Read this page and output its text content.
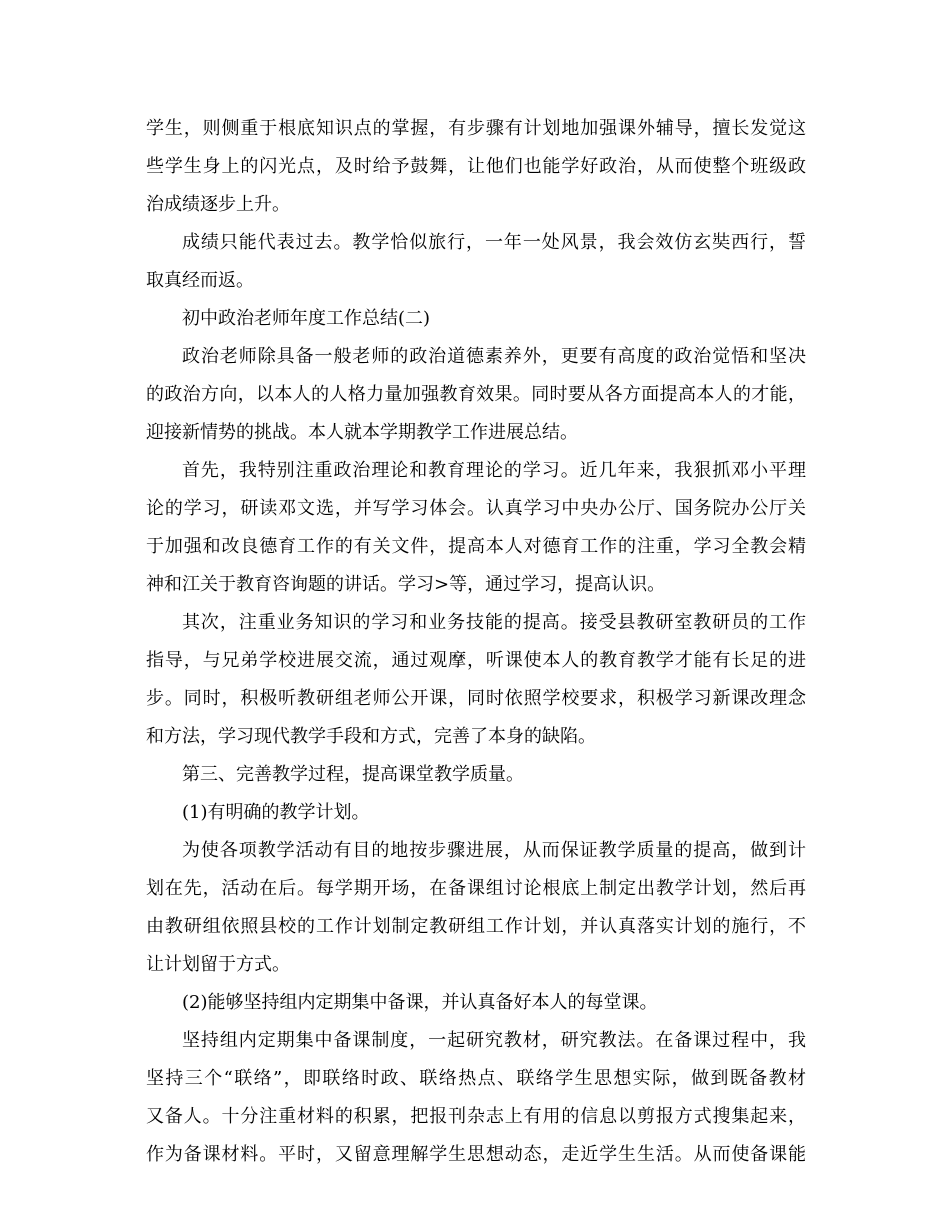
学生，则侧重于根底知识点的掌握，有步骤有计划地加强课外辅导，擅长发觉这
些学生身上的闪光点，及时给予鼓舞，让他们也能学好政治，从而使整个班级政
治成绩逐步上升。
成绩只能代表过去。教学恰似旅行，一年一处风景，我会效仿玄奘西行，誓
取真经而返。
初中政治老师年度工作总结(二)
政治老师除具备一般老师的政治道德素养外，更要有高度的政治觉悟和坚决
的政治方向，以本人的人格力量加强教育效果。同时要从各方面提高本人的才能，
迎接新情势的挑战。本人就本学期教学工作进展总结。
首先，我特别注重政治理论和教育理论的学习。近几年来，我狠抓邓小平理
论的学习，研读邓文选，并写学习体会。认真学习中央办公厅、国务院办公厅关
于加强和改良德育工作的有关文件，提高本人对德育工作的注重，学习全教会精
神和江关于教育咨询题的讲话。学习>等，通过学习，提高认识。
其次，注重业务知识的学习和业务技能的提高。接受县教研室教研员的工作
指导，与兄弟学校进展交流，通过观摩，听课使本人的教育教学才能有长足的进
步。同时，积极听教研组老师公开课，同时依照学校要求，积极学习新课改理念
和方法，学习现代教学手段和方式，完善了本身的缺陷。
第三、完善教学过程，提高课堂教学质量。
(1)有明确的教学计划。
为使各项教学活动有目的地按步骤进展，从而保证教学质量的提高，做到计
划在先，活动在后。每学期开场，在备课组讨论根底上制定出教学计划，然后再
由教研组依照县校的工作计划制定教研组工作计划，并认真落实计划的施行，不
让计划留于方式。
(2)能够坚持组内定期集中备课，并认真备好本人的每堂课。
坚持组内定期集中备课制度，一起研究教材，研究教法。在备课过程中，我
坚持三个“联络”，即联络时政、联络热点、联络学生思想实际，做到既备教材
又备人。十分注重材料的积累，把报刊杂志上有用的信息以剪报方式搜集起来，
作为备课材料。平时，又留意理解学生思想动态，走近学生生活。从而使备课能
